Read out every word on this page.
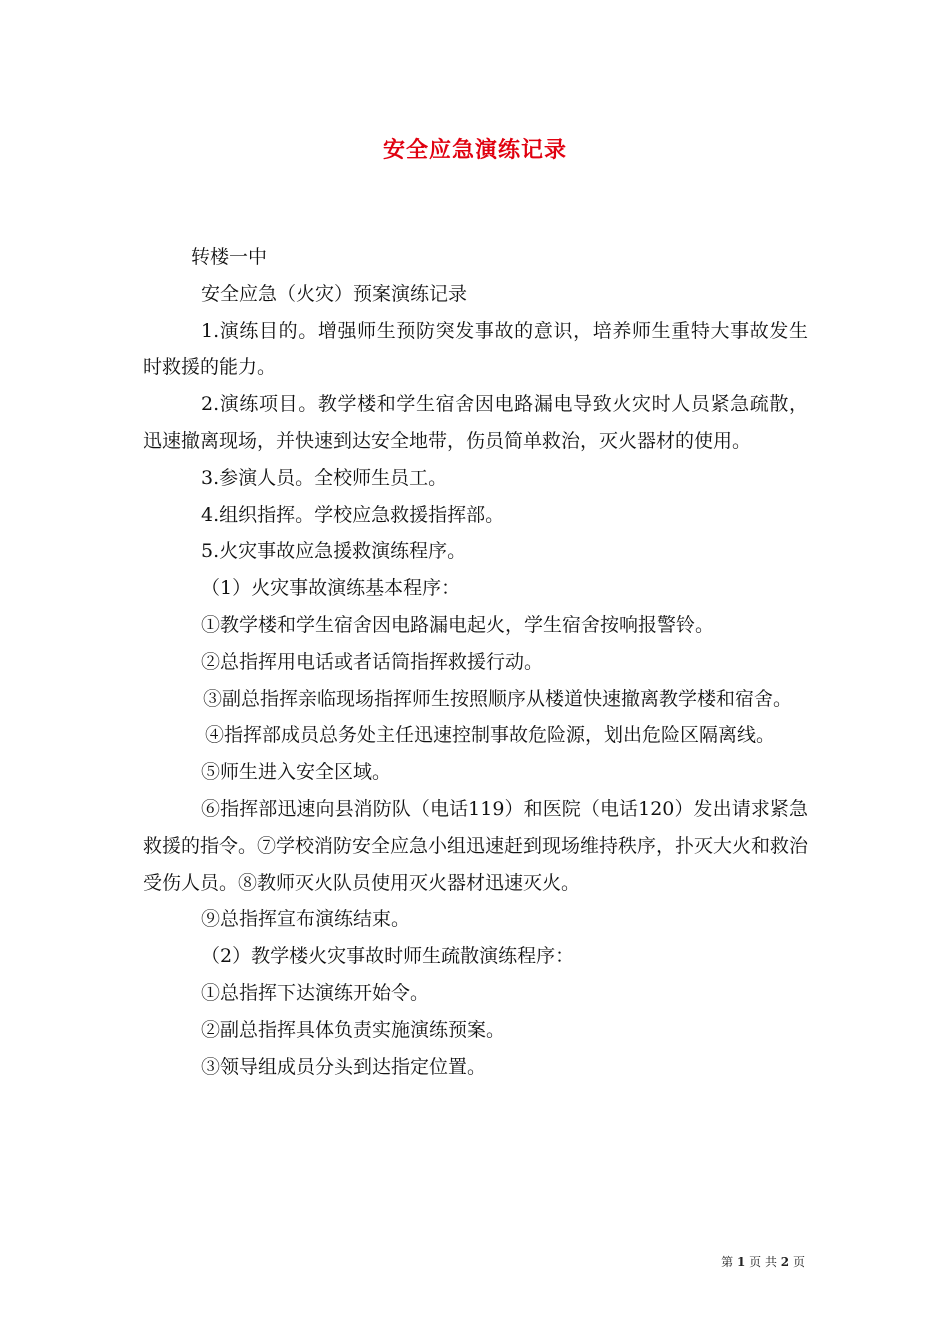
安全应急演练记录

转楼一中

安全应急（火灾）预案演练记录

1.演练目的。增强师生预防突发事故的意识，培养师生重特大事故发生时救援的能力。

2.演练项目。教学楼和学生宿舍因电路漏电导致火灾时人员紧急疏散，迅速撤离现场，并快速到达安全地带，伤员简单救治，灭火器材的使用。

3.参演人员。全校师生员工。

4.组织指挥。学校应急救援指挥部。

5.火灾事故应急援救演练程序。

（1）火灾事故演练基本程序：

①教学楼和学生宿舍因电路漏电起火，学生宿舍按响报警铃。

②总指挥用电话或者话筒指挥救援行动。

③副总指挥亲临现场指挥师生按照顺序从楼道快速撤离教学楼和宿舍。

④指挥部成员总务处主任迅速控制事故危险源，划出危险区隔离线。

⑤师生进入安全区域。

⑥指挥部迅速向县消防队（电话119）和医院（电话120）发出请求紧急救援的指令。⑦学校消防安全应急小组迅速赶到现场维持秩序，扑灭大火和救治受伤人员。⑧教师灭火队员使用灭火器材迅速灭火。

⑨总指挥宣布演练结束。

（2）教学楼火灾事故时师生疏散演练程序：

①总指挥下达演练开始令。

②副总指挥具体负责实施演练预案。

③领导组成员分头到达指定位置。

第 1 页 共 2 页
